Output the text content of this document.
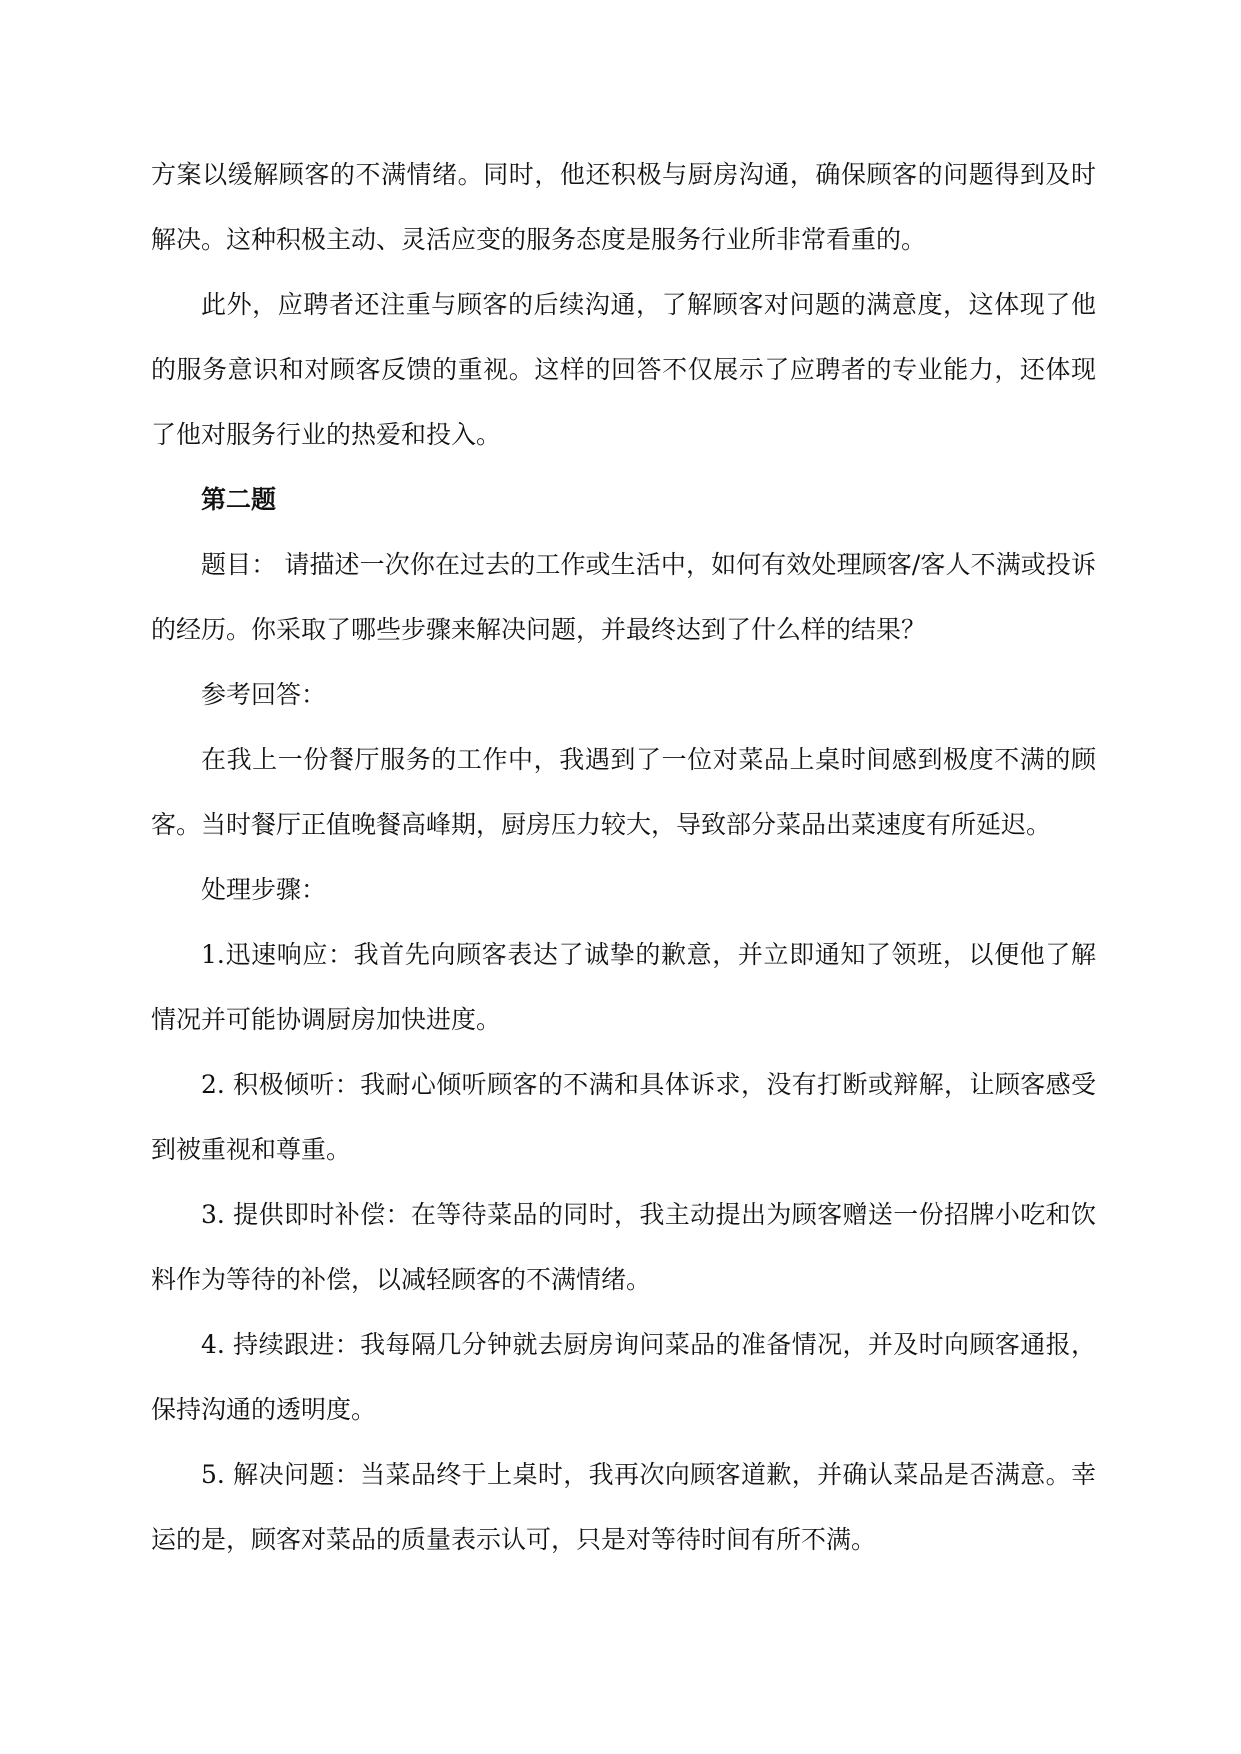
方案以缓解顾客的不满情绪。同时，他还积极与厨房沟通，确保顾客的问题得到及时解决。这种积极主动、灵活应变的服务态度是服务行业所非常看重的。

此外，应聘者还注重与顾客的后续沟通，了解顾客对问题的满意度，这体现了他的服务意识和对顾客反馈的重视。这样的回答不仅展示了应聘者的专业能力，还体现了他对服务行业的热爱和投入。

第二题

题目： 请描述一次你在过去的工作或生活中，如何有效处理顾客/客人不满或投诉的经历。你采取了哪些步骤来解决问题，并最终达到了什么样的结果？

参考回答：

在我上一份餐厅服务的工作中，我遇到了一位对菜品上桌时间感到极度不满的顾客。当时餐厅正值晚餐高峰期，厨房压力较大，导致部分菜品出菜速度有所延迟。

处理步骤：

1.迅速响应：我首先向顾客表达了诚挚的歉意，并立即通知了领班，以便他了解情况并可能协调厨房加快进度。

2. 积极倾听：我耐心倾听顾客的不满和具体诉求，没有打断或辩解，让顾客感受到被重视和尊重。

3. 提供即时补偿：在等待菜品的同时，我主动提出为顾客赠送一份招牌小吃和饮料作为等待的补偿，以减轻顾客的不满情绪。

4. 持续跟进：我每隔几分钟就去厨房询问菜品的准备情况，并及时向顾客通报，保持沟通的透明度。

5. 解决问题：当菜品终于上桌时，我再次向顾客道歉，并确认菜品是否满意。幸运的是，顾客对菜品的质量表示认可，只是对等待时间有所不满。
